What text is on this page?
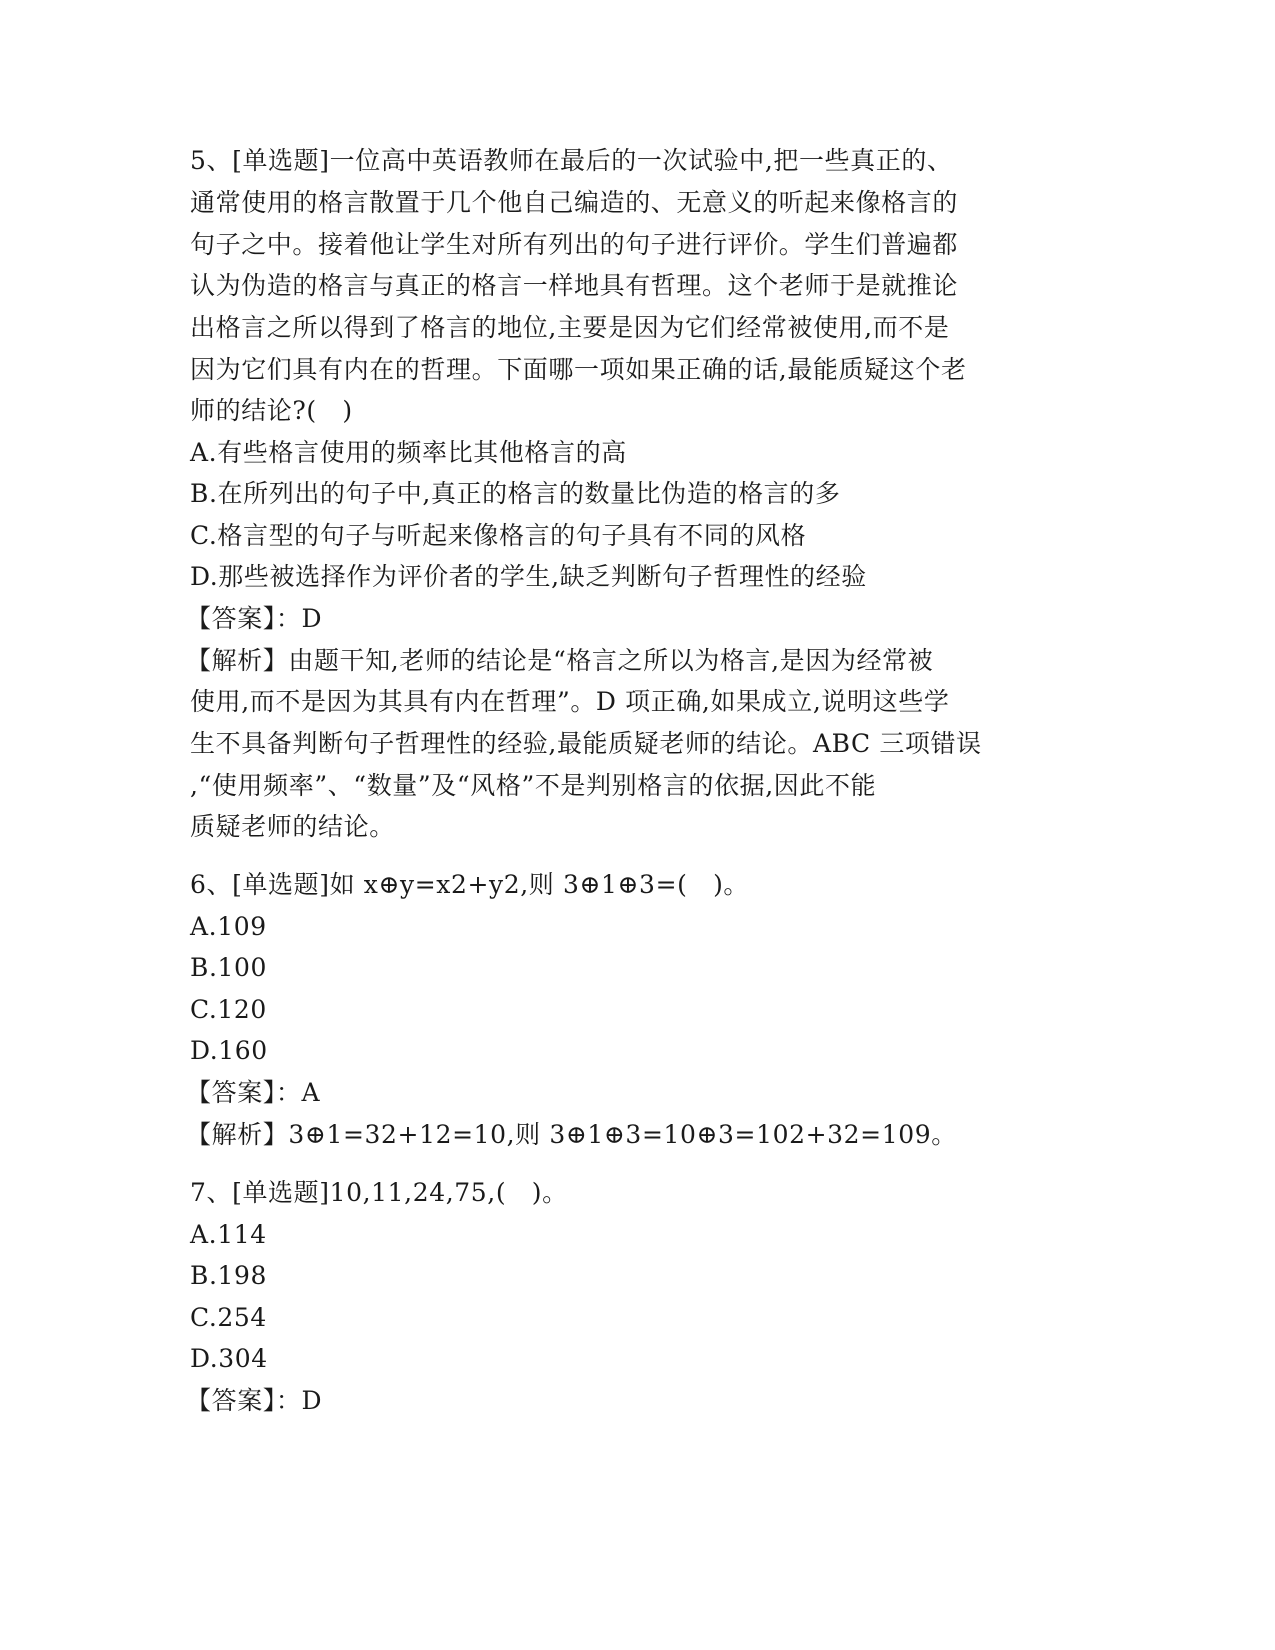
5、[单选题]一位高中英语教师在最后的一次试验中,把一些真正的、
通常使用的格言散置于几个他自己编造的、无意义的听起来像格言的
句子之中。接着他让学生对所有列出的句子进行评价。学生们普遍都
认为伪造的格言与真正的格言一样地具有哲理。这个老师于是就推论
出格言之所以得到了格言的地位,主要是因为它们经常被使用,而不是
因为它们具有内在的哲理。下面哪一项如果正确的话,最能质疑这个老
师的结论?(　)
A.有些格言使用的频率比其他格言的高
B.在所列出的句子中,真正的格言的数量比伪造的格言的多
C.格言型的句子与听起来像格言的句子具有不同的风格
D.那些被选择作为评价者的学生,缺乏判断句子哲理性的经验
【答案】：D
【解析】由题干知,老师的结论是“格言之所以为格言,是因为经常被
使用,而不是因为其具有内在哲理”。D 项正确,如果成立,说明这些学
生不具备判断句子哲理性的经验,最能质疑老师的结论。ABC 三项错误
,“使用频率”、“数量”及“风格”不是判别格言的依据,因此不能
质疑老师的结论。
6、[单选题]如 x⊕y=x2+y2,则 3⊕1⊕3=(　)。
A.109
B.100
C.120
D.160
【答案】：A
【解析】3⊕1=32+12=10,则 3⊕1⊕3=10⊕3=102+32=109。
7、[单选题]10,11,24,75,(　)。
A.114
B.198
C.254
D.304
【答案】：D
